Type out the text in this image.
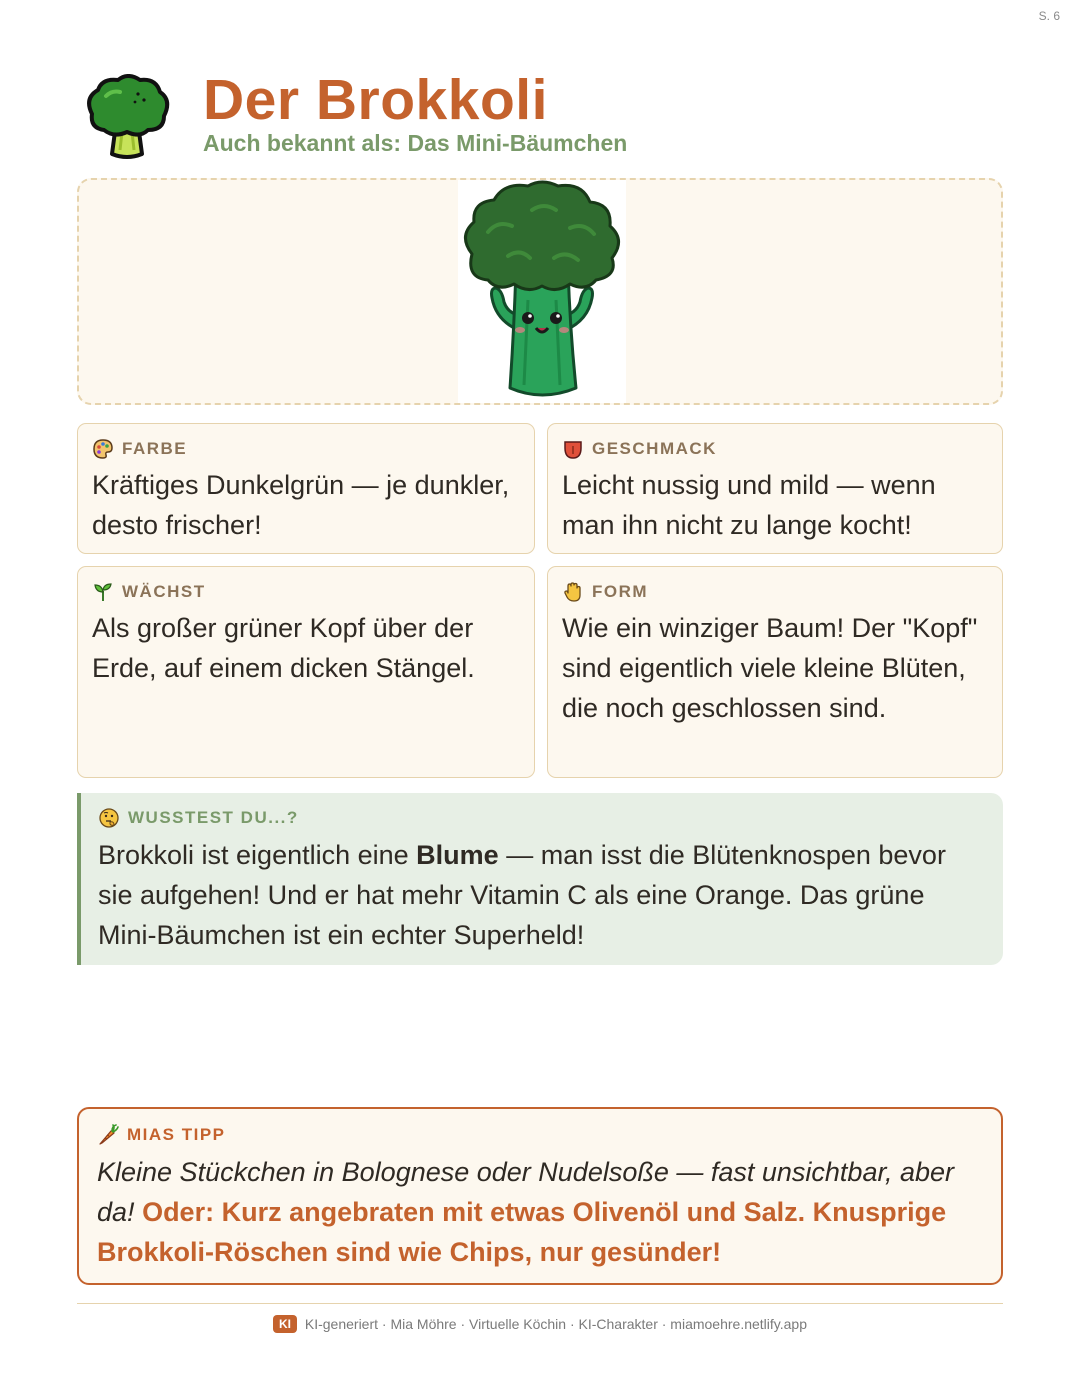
S. 6
Der Brokkoli
Auch bekannt als: Das Mini-Bäumchen
FARBE
Kräftiges Dunkelgrün — je dunkler, desto frischer!
GESCHMACK
Leicht nussig und mild — wenn man ihn nicht zu lange kocht!
WÄCHST
Als großer grüner Kopf über der Erde, auf einem dicken Stängel.
FORM
Wie ein winziger Baum! Der "Kopf" sind eigentlich viele kleine Blüten, die noch geschlossen sind.
WUSSTEST DU...?
Brokkoli ist eigentlich eine Blume — man isst die Blütenknospen bevor sie aufgehen! Und er hat mehr Vitamin C als eine Orange. Das grüne Mini-Bäumchen ist ein echter Superheld!
MIAS TIPP
Kleine Stückchen in Bolognese oder Nudelsoße — fast unsichtbar, aber da! Oder: Kurz angebraten mit etwas Olivenöl und Salz. Knusprige Brokkoli-Röschen sind wie Chips, nur gesünder!
KI KI-generiert · Mia Möhre · Virtuelle Köchin · KI-Charakter · miamoehre.netlify.app
